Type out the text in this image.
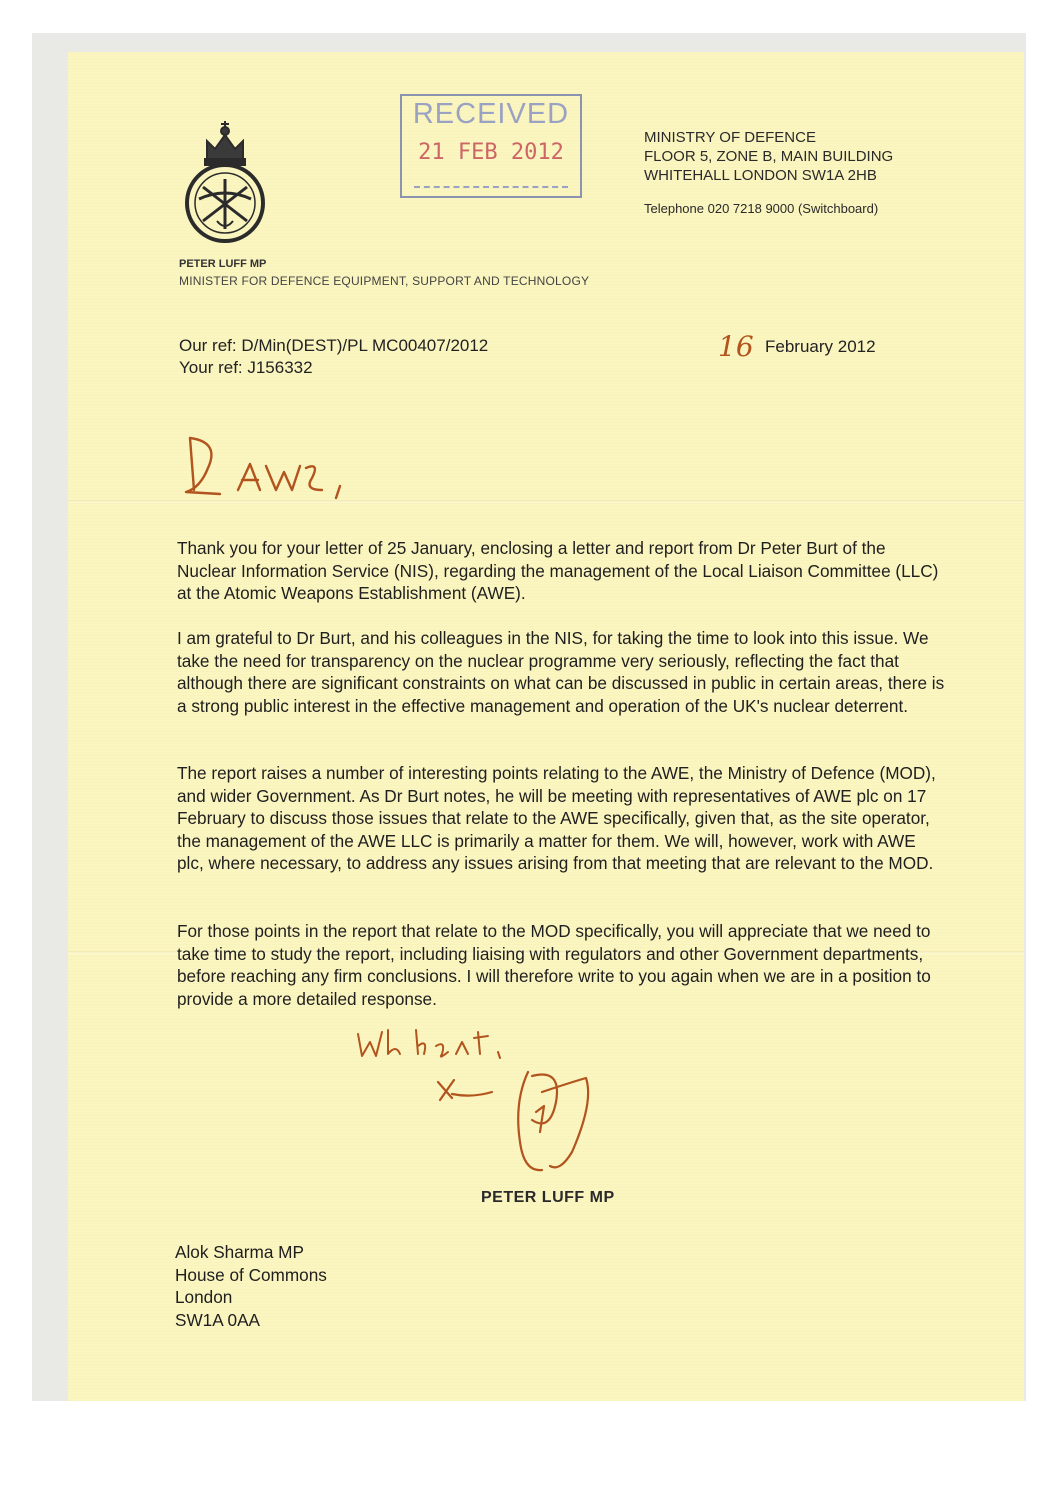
RECEIVED
21 FEB 2012
MINISTRY OF DEFENCE
FLOOR 5, ZONE B, MAIN BUILDING
WHITEHALL LONDON SW1A 2HB
Telephone 020 7218 9000 (Switchboard)
PETER LUFF MP
MINISTER FOR DEFENCE EQUIPMENT, SUPPORT AND TECHNOLOGY
Our ref: D/Min(DEST)/PL MC00407/2012
Your ref: J156332
16 February 2012

Thank you for your letter of 25 January, enclosing a letter and report from Dr Peter Burt of the Nuclear Information Service (NIS), regarding the management of the Local Liaison Committee (LLC) at the Atomic Weapons Establishment (AWE).

I am grateful to Dr Burt, and his colleagues in the NIS, for taking the time to look into this issue. We take the need for transparency on the nuclear programme very seriously, reflecting the fact that although there are significant constraints on what can be discussed in public in certain areas, there is a strong public interest in the effective management and operation of the UK's nuclear deterrent.

The report raises a number of interesting points relating to the AWE, the Ministry of Defence (MOD), and wider Government. As Dr Burt notes, he will be meeting with representatives of AWE plc on 17 February to discuss those issues that relate to the AWE specifically, given that, as the site operator, the management of the AWE LLC is primarily a matter for them. We will, however, work with AWE plc, where necessary, to address any issues arising from that meeting that are relevant to the MOD.

For those points in the report that relate to the MOD specifically, you will appreciate that we need to take time to study the report, including liaising with regulators and other Government departments, before reaching any firm conclusions. I will therefore write to you again when we are in a position to provide a more detailed response.

PETER LUFF MP
Alok Sharma MP
House of Commons
London
SW1A 0AA
